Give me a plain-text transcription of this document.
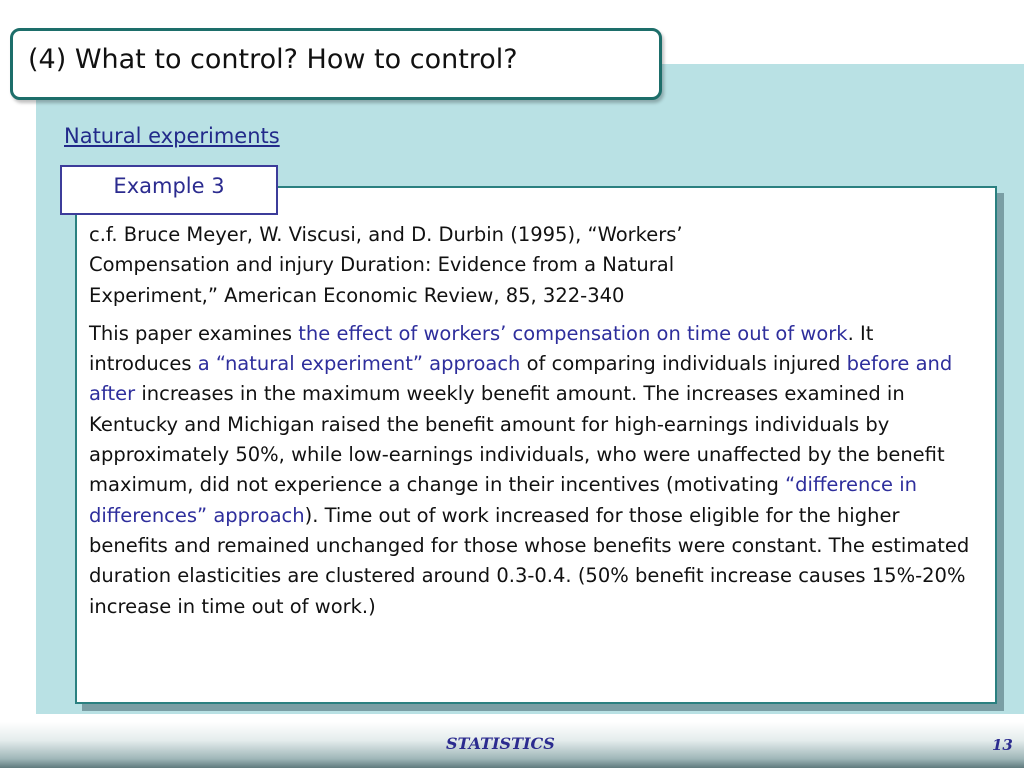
(4) What to control? How to control?
Natural experiments

c.f. Bruce Meyer, W. Viscusi, and D. Durbin (1995), “Workers’
Compensation and injury Duration: Evidence from a Natural
Experiment,” American Economic Review, 85, 322-340

This paper examines the effect of workers’ compensation on time out of work. It introduces a “natural experiment” approach of comparing individuals injured before and after increases in the maximum weekly benefit amount. The increases examined in Kentucky and Michigan raised the benefit amount for high-earnings individuals by approximately 50%, while low-earnings individuals, who were unaffected by the benefit maximum, did not experience a change in their incentives (motivating “difference in differences” approach). Time out of work increased for those eligible for the higher benefits and remained unchanged for those whose benefits were constant. The estimated duration elasticities are clustered around 0.3-0.4. (50% benefit increase causes 15%-20% increase in time out of work.)

Example 3
STATISTICS	13
